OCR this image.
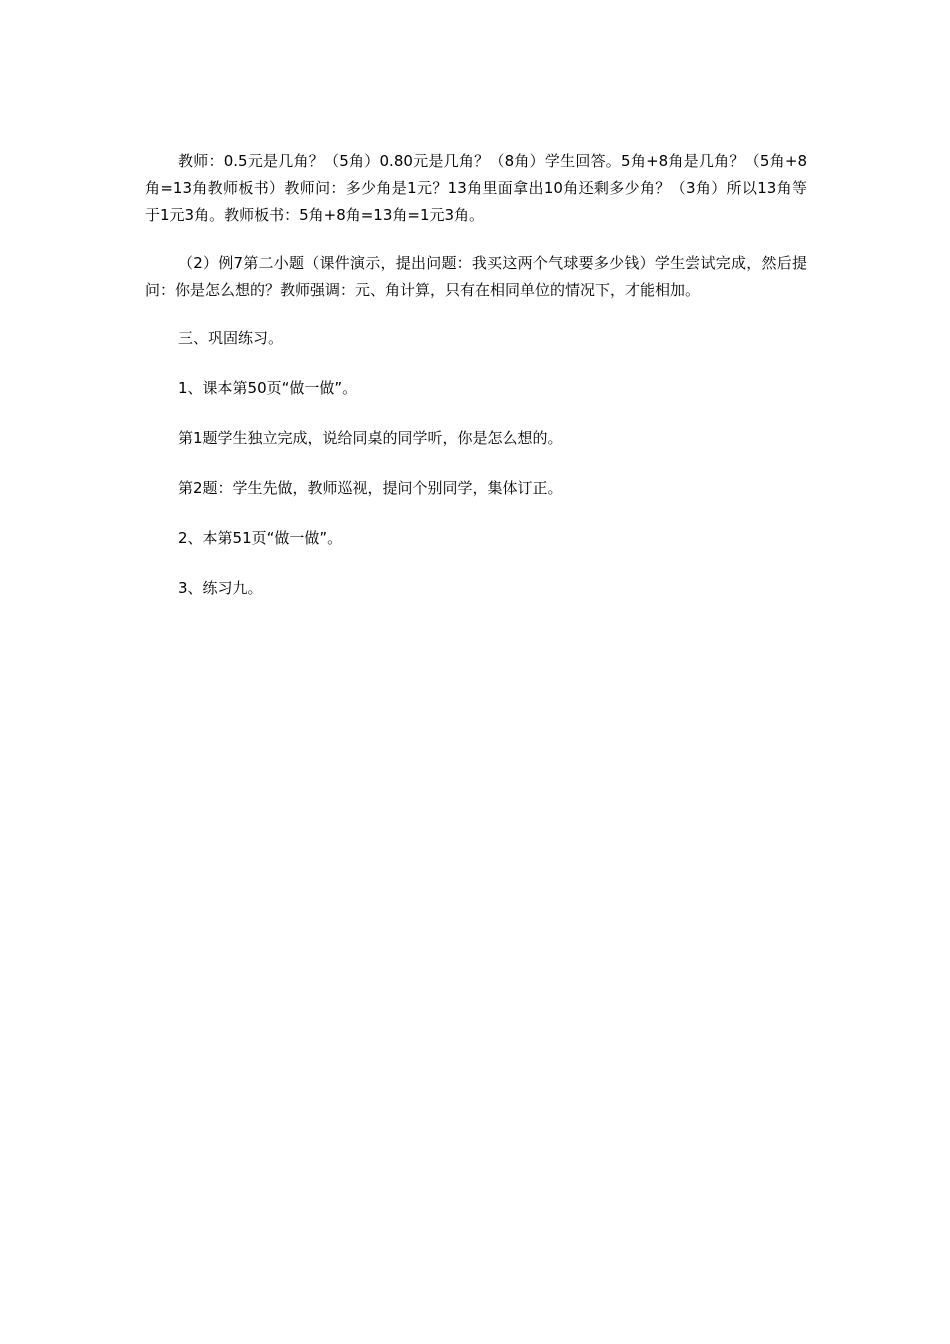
教师：0.5元是几角？（5角）0.80元是几角？（8角）学生回答。5角+8角是几角？（5角+8角=13角教师板书）教师问：多少角是1元？13角里面拿出10角还剩多少角？（3角）所以13角等于1元3角。教师板书：5角+8角=13角=1元3角。

（2）例7第二小题（课件演示，提出问题：我买这两个气球要多少钱）学生尝试完成，然后提问：你是怎么想的？教师强调：元、角计算，只有在相同单位的情况下，才能相加。

三、巩固练习。

1、课本第50页“做一做”。

第1题学生独立完成，说给同桌的同学听，你是怎么想的。

第2题：学生先做，教师巡视，提问个别同学，集体订正。

2、本第51页“做一做”。

3、练习九。
